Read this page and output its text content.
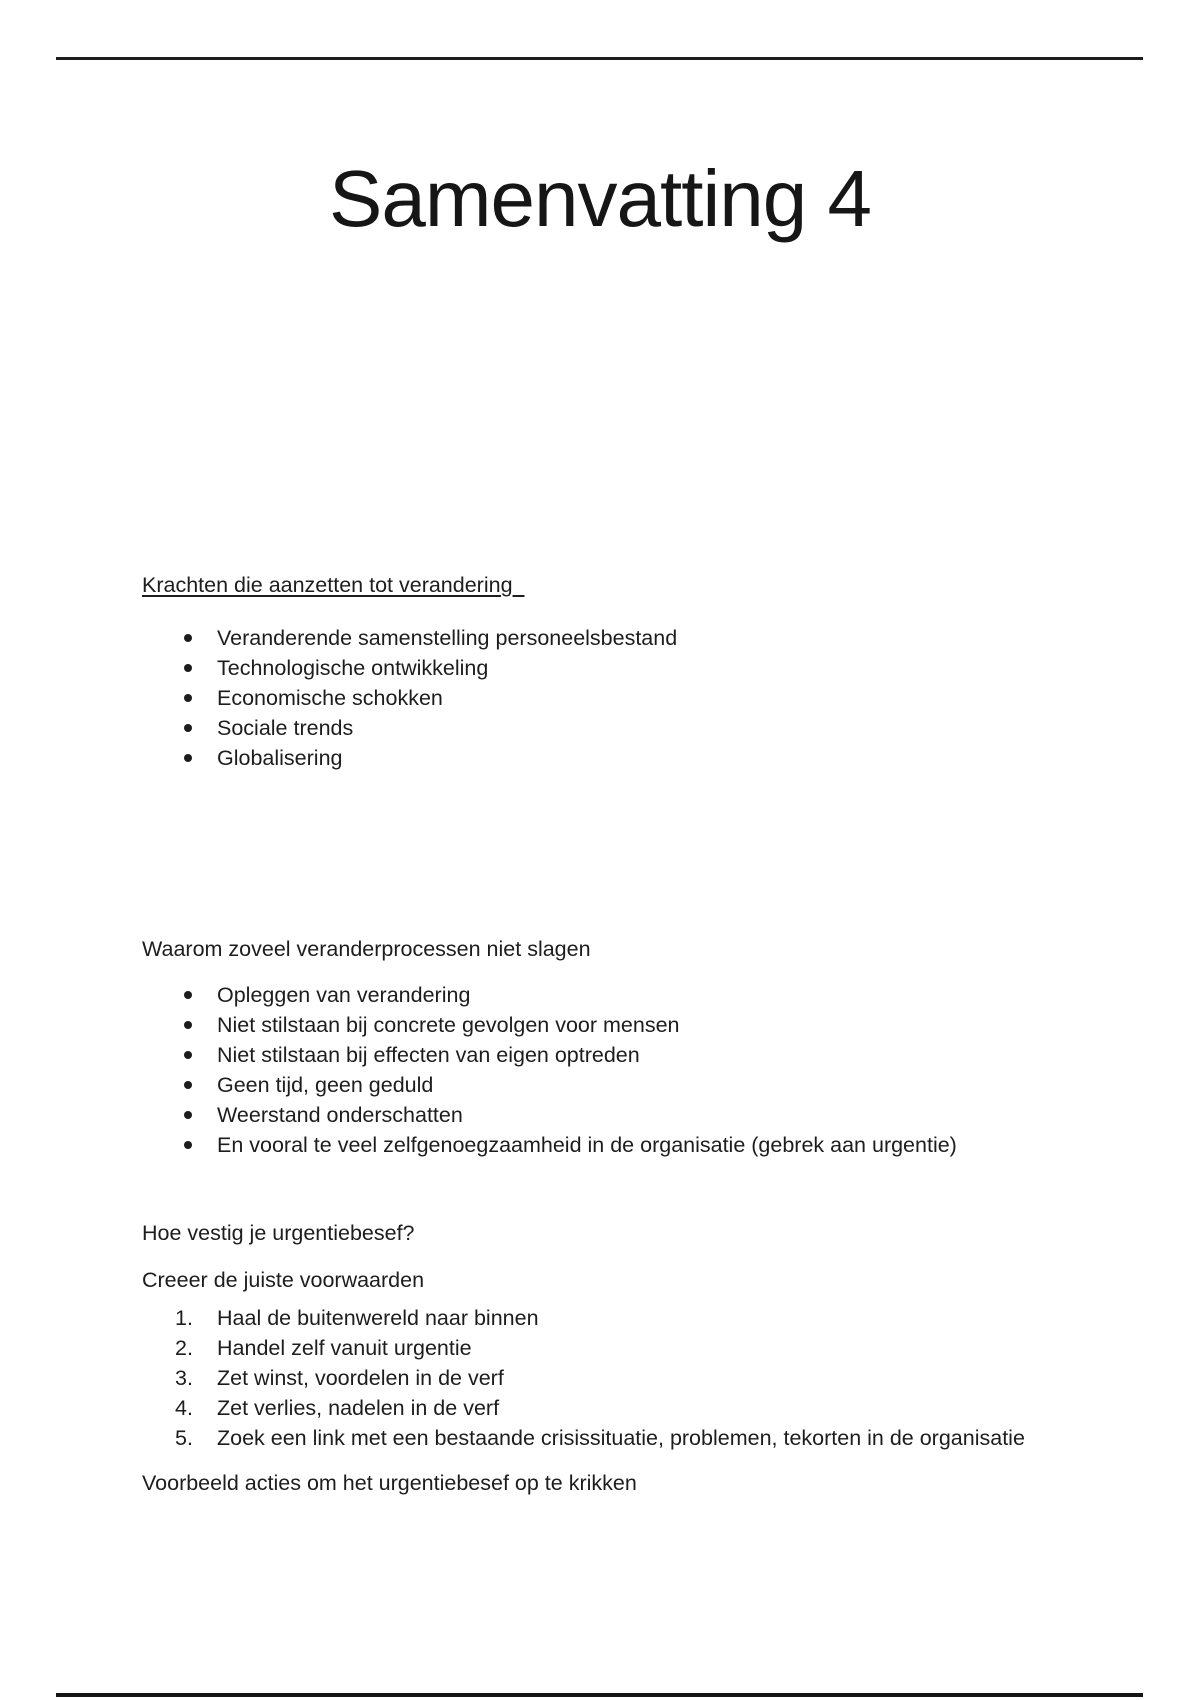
Samenvatting 4

Krachten die aanzetten tot verandering

Veranderende samenstelling personeelsbestand
Technologische ontwikkeling
Economische schokken
Sociale trends
Globalisering

Waarom zoveel veranderprocessen niet slagen

Opleggen van verandering
Niet stilstaan bij concrete gevolgen voor mensen
Niet stilstaan bij effecten van eigen optreden
Geen tijd, geen geduld
Weerstand onderschatten
En vooral te veel zelfgenoegzaamheid in de organisatie (gebrek aan urgentie)

Hoe vestig je urgentiebesef?

Creeer de juiste voorwaarden

Haal de buitenwereld naar binnen
Handel zelf vanuit urgentie
Zet winst, voordelen in de verf
Zet verlies, nadelen in de verf
Zoek een link met een bestaande crisissituatie, problemen, tekorten in de organisatie

Voorbeeld acties om het urgentiebesef op te krikken
